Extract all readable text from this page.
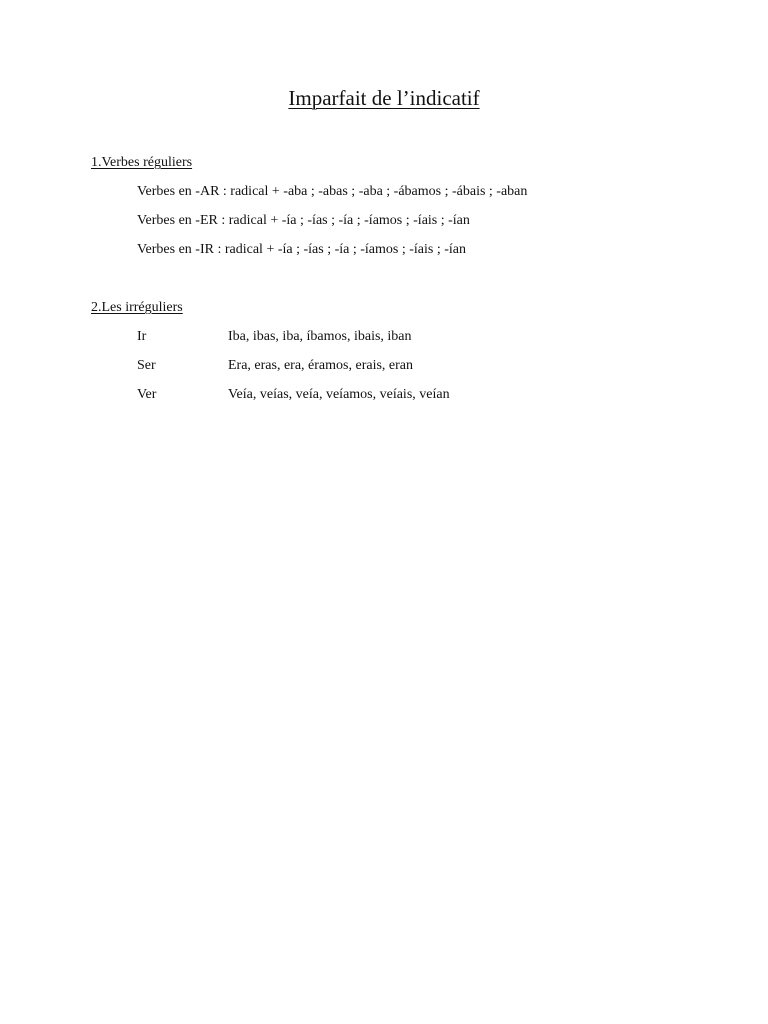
Imparfait de l’indicatif
1.Verbes réguliers
Verbes en -AR : radical + -aba ; -abas ; -aba ; -ábamos ; -ábais ; -aban
Verbes en -ER : radical + -ía ; -ías ; -ía ; -íamos ; -íais ; -ían
Verbes en -IR : radical + -ía ; -ías ; -ía ; -íamos ; -íais ; -ían
2.Les irréguliers
Ir	Iba, ibas, iba, íbamos, ibais, iban
Ser	Era, eras, era, éramos, erais, eran
Ver	Veía, veías, veía, veíamos, veíais, veían
